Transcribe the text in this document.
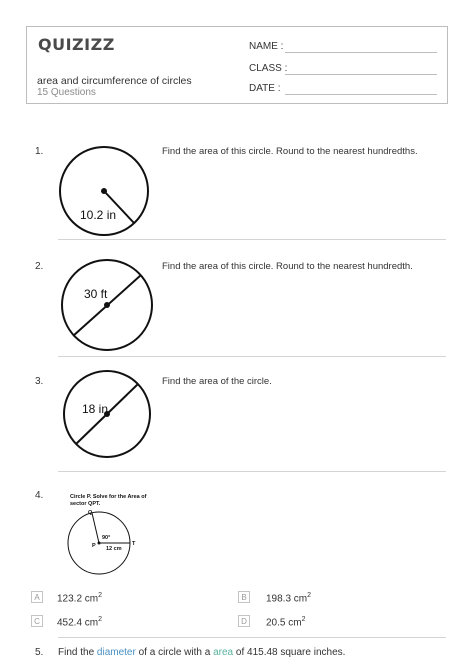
QUIZIZZ
area and circumference of circles
15 Questions
NAME :
CLASS :
DATE :
1.	Find the area of this circle. Round to the nearest hundredths.
10.2 in
2.	Find the area of this circle. Round to the nearest hundredth.
30 ft
3.	Find the area of the circle.
18 in
4.	Circle P. Solve for the Area of
sector QPT.
Q
P	T
90°
12 cm
A	123.2 $cm^2$	B	198.3 $cm^2$
C	452.4 $cm^2$	D	20.5 $cm^2$
5. Find the diameter of a circle with a area of 415.48 square inches.
